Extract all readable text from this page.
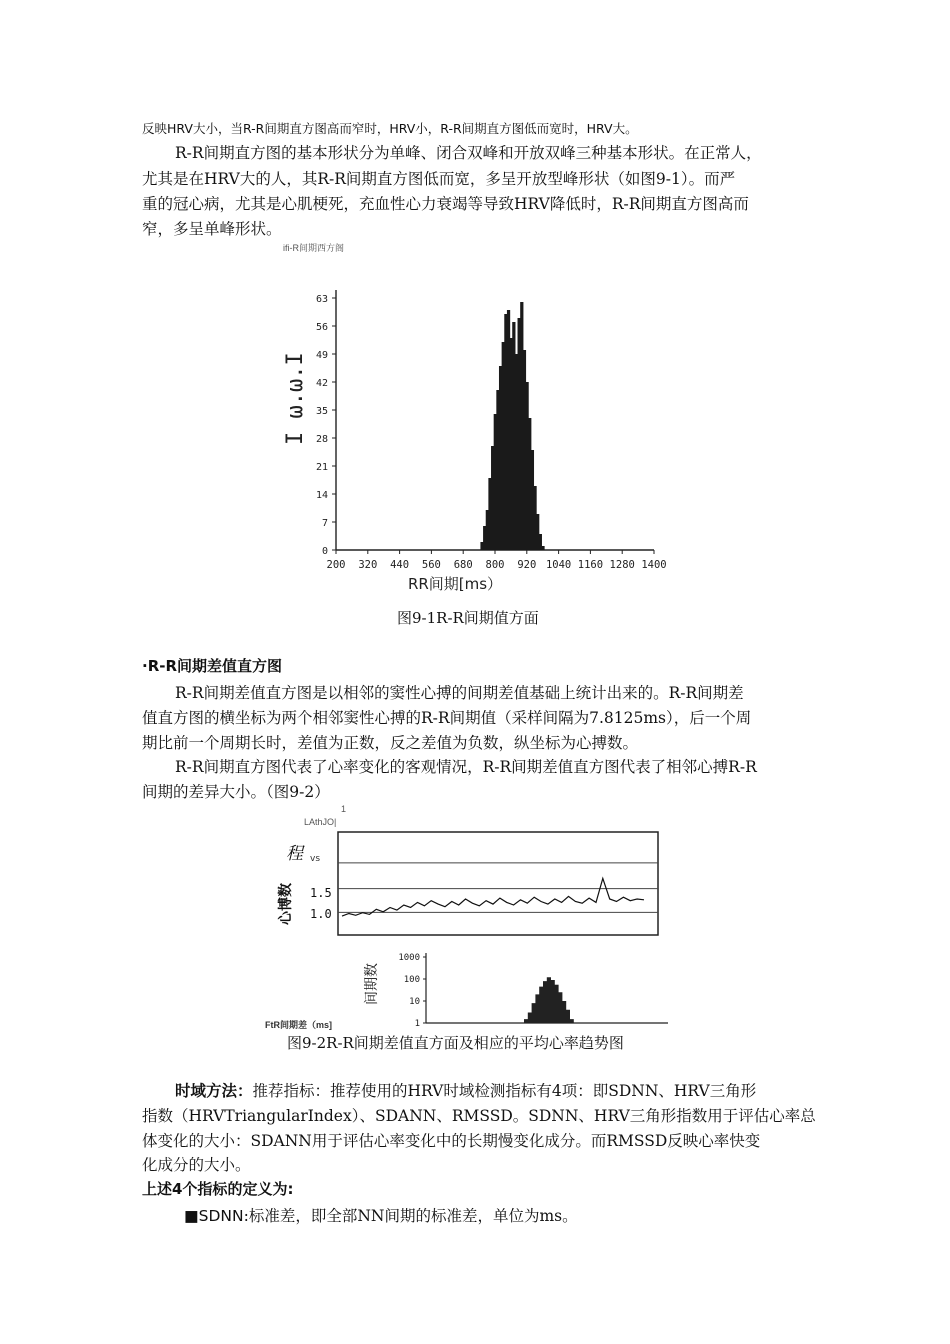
反映HRV大小，当R-R间期直方图高而窄时，HRV小，R-R间期直方图低而宽时，HRV大。
R-R间期直方图的基本形状分为单峰、闭合双峰和开放双峰三种基本形状。在正常人，
尤其是在HRV大的人，其R-R间期直方图低而宽，多呈开放型峰形状（如图9-1）。而严
重的冠心病，尤其是心肌梗死，充血性心力衰竭等导致HRV降低时，R-R间期直方图高而
窄，多呈单峰形状。
ifi-R间期西方阁
0
7
14
21
28
35
42
49
56
63
200 320 440 560 680 800 920 1040 1160 1280 1400
I ω.ω.I
RR间期[ms）
图9-1R-R间期值方面
·R-R间期差值直方图
R-R间期差值直方图是以相邻的窦性心搏的间期差值基础上统计出来的。R-R间期差
值直方图的横坐标为两个相邻窦性心搏的R-R间期值（采样间隔为7.8125ms），后一个周
期比前一个周期长时，差值为正数，反之差值为负数，纵坐标为心搏数。
R-R间期直方图代表了心率变化的客观情况，R-R间期差值直方图代表了相邻心搏R-R
间期的差异大小。（图9-2）
1
LAthJO|
程 vs
心博数 1.5
1.0
间期数
1000
100
10
1
FtR间期差（ms]
图9-2R-R间期差值直方面及相应的平均心率趋势图
时域方法：推荐指标：推荐使用的HRV时域检测指标有4项：即SDNN、HRV三角形
指数（HRVTriangularIndex）、SDANN、RMSSD。SDNN、HRV三角形指数用于评估心率总
体变化的大小：SDANN用于评估心率变化中的长期慢变化成分。而RMSSD反映心率快变
化成分的大小。
上述4个指标的定义为:
■SDNN:标准差，即全部NN间期的标准差，单位为ms。
